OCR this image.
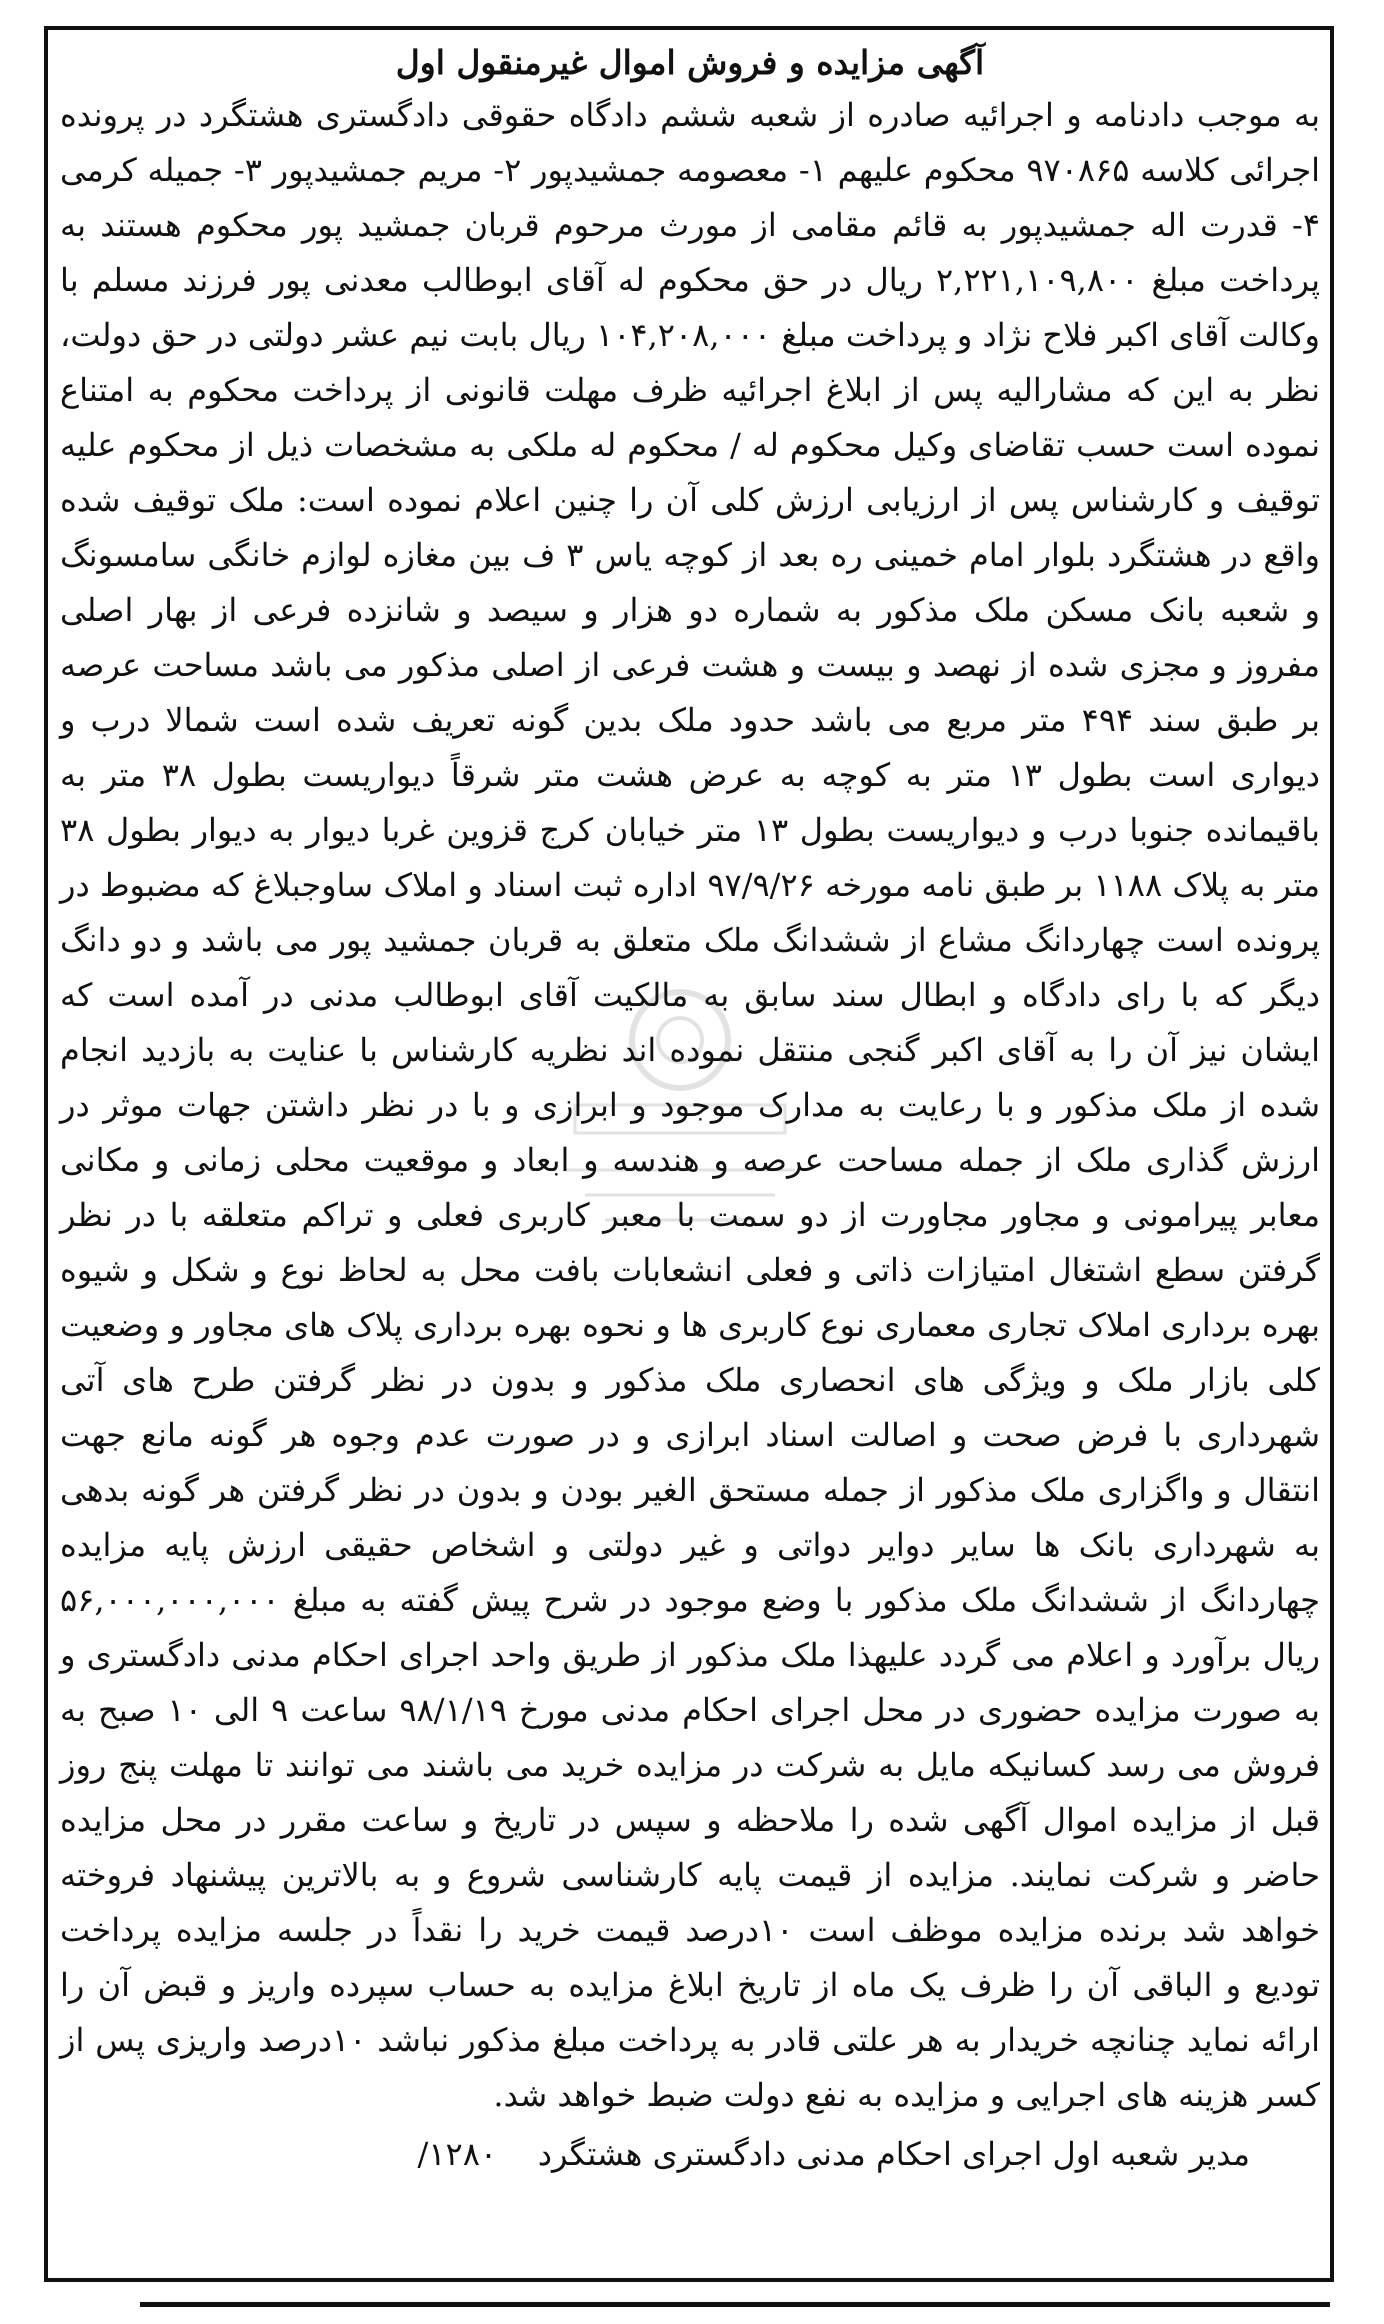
آگهی مزایده و فروش اموال غیرمنقول اول

به موجب دادنامه و اجرائیه صادره از شعبه ششم دادگاه حقوقی دادگستری هشتگرد در پرونده اجرائی کلاسه ۹۷۰۸۶۵ محکوم علیهم ۱- معصومه جمشیدپور ۲- مریم جمشیدپور ۳- جمیله کرمی ۴- قدرت اله جمشیدپور به قائم مقامی از مورث مرحوم قربان جمشید پور محکوم هستند به پرداخت مبلغ ۲,۲۲۱,۱۰۹,۸۰۰ ریال در حق محکوم له آقای ابوطالب معدنی پور فرزند مسلم با وکالت آقای اکبر فلاح نژاد و پرداخت مبلغ ۱۰۴,۲۰۸,۰۰۰ ریال بابت نیم عشر دولتی در حق دولت، نظر به این که مشارالیه پس از ابلاغ اجرائیه ظرف مهلت قانونی از پرداخت محکوم به امتناع نموده است حسب تقاضای وکیل محکوم له / محکوم له ملکی به مشخصات ذیل از محکوم علیه توقیف و کارشناس پس از ارزیابی ارزش کلی آن را چنین اعلام نموده است: ملک توقیف شده واقع در هشتگرد بلوار امام خمینی ره بعد از کوچه یاس ۳ ف بین مغازه لوازم خانگی سامسونگ و شعبه بانک مسکن ملک مذکور به شماره دو هزار و سیصد و شانزده فرعی از بهار اصلی مفروز و مجزی شده از نهصد و بیست و هشت فرعی از اصلی مذکور می باشد مساحت عرصه بر طبق سند ۴۹۴ متر مربع می باشد حدود ملک بدین گونه تعریف شده است شمالا درب و دیواری است بطول ۱۳ متر به کوچه به عرض هشت متر شرقاً دیواریست بطول ۳۸ متر به باقیمانده جنوبا درب و دیواریست بطول ۱۳ متر خیابان کرج قزوین غربا دیوار به دیوار بطول ۳۸ متر به پلاک ۱۱۸۸ بر طبق نامه مورخه ۹۷/۹/۲۶ اداره ثبت اسناد و املاک ساوجبلاغ که مضبوط در پرونده است چهاردانگ مشاع از ششدانگ ملک متعلق به قربان جمشید پور می باشد و دو دانگ دیگر که با رای دادگاه و ابطال سند سابق به مالکیت آقای ابوطالب مدنی در آمده است که ایشان نیز آن را به آقای اکبر گنجی منتقل نموده اند نظریه کارشناس با عنایت به بازدید انجام شده از ملک مذکور و با رعایت به مدارک موجود و ابرازی و با در نظر داشتن جهات موثر در ارزش گذاری ملک از جمله مساحت عرصه و هندسه و ابعاد و موقعیت محلی زمانی و مکانی معابر پیرامونی و مجاور مجاورت از دو سمت با معبر کاربری فعلی و تراکم متعلقه با در نظر گرفتن سطع اشتغال امتیازات ذاتی و فعلی انشعابات بافت محل به لحاظ نوع و شکل و شیوه بهره برداری املاک تجاری معماری نوع کاربری ها و نحوه بهره برداری پلاک های مجاور و وضعیت کلی بازار ملک و ویژگی های انحصاری ملک مذکور و بدون در نظر گرفتن طرح های آتی شهرداری با فرض صحت و اصالت اسناد ابرازی و در صورت عدم وجوه هر گونه مانع جهت انتقال و واگزاری ملک مذکور از جمله مستحق الغیر بودن و بدون در نظر گرفتن هر گونه بدهی به شهرداری بانک ها سایر دوایر دواتی و غیر دولتی و اشخاص حقیقی ارزش پایه مزایده چهاردانگ از ششدانگ ملک مذکور با وضع موجود در شرح پیش گفته به مبلغ ۵۶,۰۰۰,۰۰۰,۰۰۰ ریال برآورد و اعلام می گردد علیهذا ملک مذکور از طریق واحد اجرای احکام مدنی دادگستری و به صورت مزایده حضوری در محل اجرای احکام مدنی مورخ ۹۸/۱/۱۹ ساعت ۹ الی ۱۰ صبح به فروش می رسد کسانیکه مایل به شرکت در مزایده خرید می باشند می توانند تا مهلت پنج روز قبل از مزایده اموال آگهی شده را ملاحظه و سپس در تاریخ و ساعت مقرر در محل مزایده حاضر و شرکت نمایند. مزایده از قیمت پایه کارشناسی شروع و به بالاترین پیشنهاد فروخته خواهد شد برنده مزایده موظف است ۱۰درصد قیمت خرید را نقداً در جلسه مزایده پرداخت تودیع و الباقی آن را ظرف یک ماه از تاریخ ابلاغ مزایده به حساب سپرده واریز و قبض آن را ارائه نماید چنانچه خریدار به هر علتی قادر به پرداخت مبلغ مذکور نباشد ۱۰درصد واریزی پس از کسر هزینه های اجرایی و مزایده به نفع دولت ضبط خواهد شد.

مدیر شعبه اول اجرای احکام مدنی دادگستری هشتگرد    ۱۲۸۰/
